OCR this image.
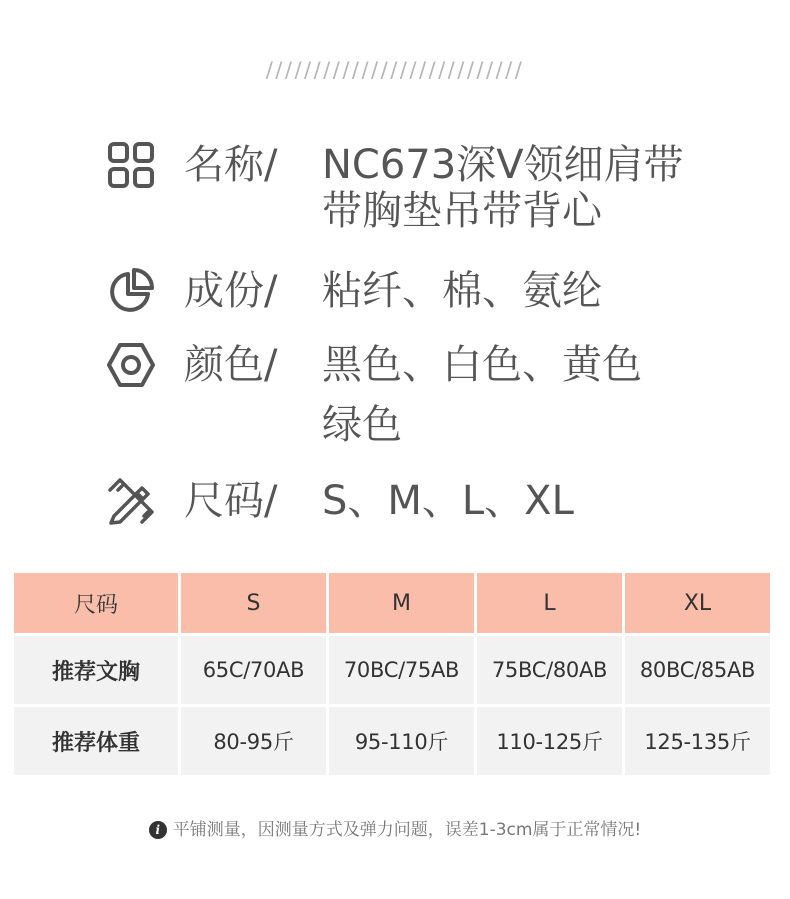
///////////////////////////
名称/ NC673深V领细肩带
带胸垫吊带背心
成份/ 粘纤、棉、氨纶
颜色/ 黑色、白色、黄色
绿色
尺码/ S、M、L、XL
尺码	S	M	L	XL
推荐文胸	65C/70AB	70BC/75AB	75BC/80AB	80BC/85AB
推荐体重	80-95斤	95-110斤	110-125斤	125-135斤
i 平铺测量，因测量方式及弹力问题，误差1-3cm属于正常情况!
